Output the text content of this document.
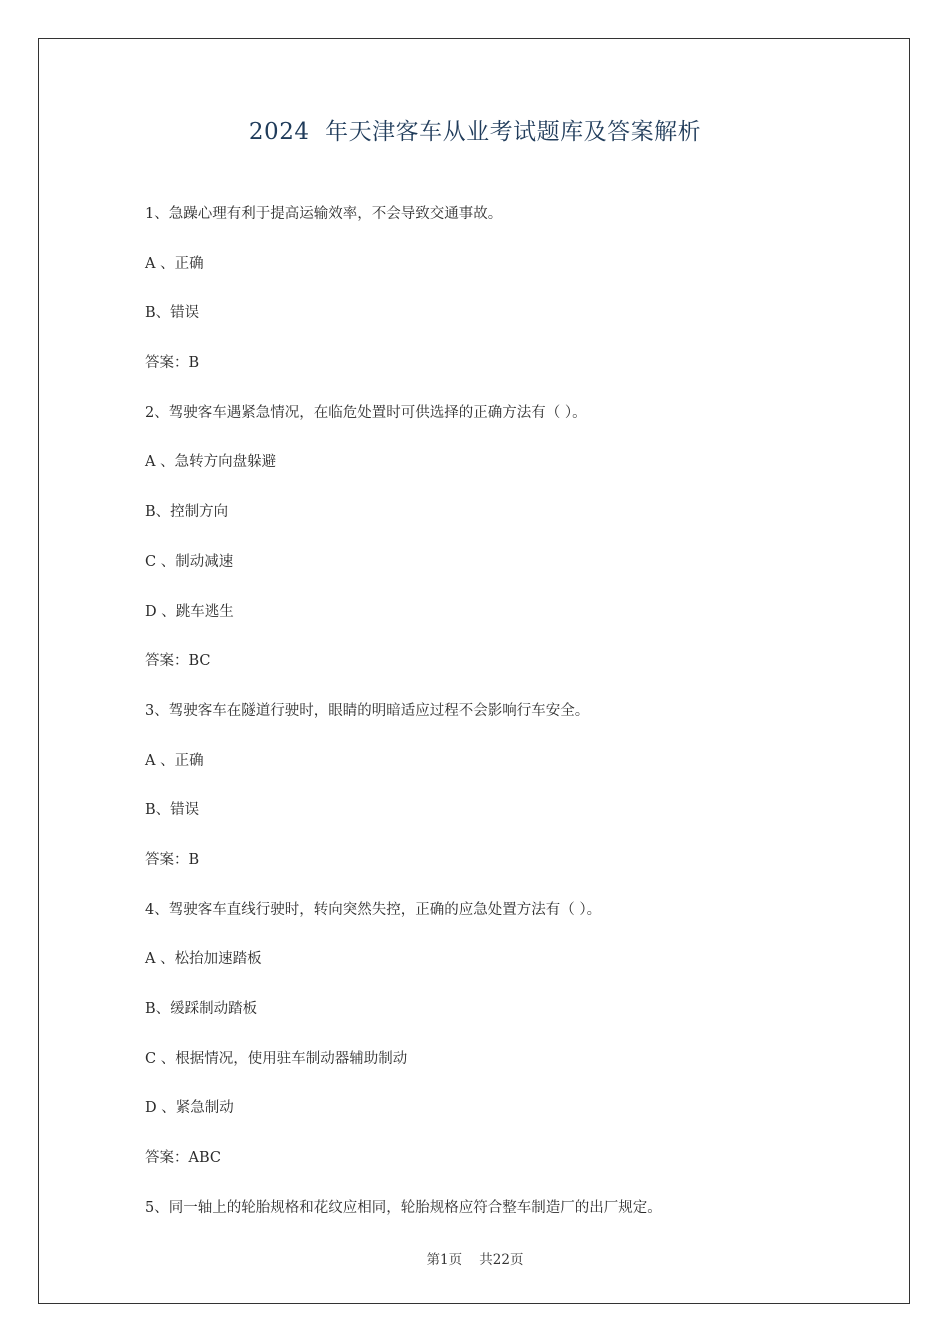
2024  年天津客车从业考试题库及答案解析
1、急躁心理有利于提高运输效率，不会导致交通事故。
A 、正确
B、错误
答案：B
2、驾驶客车遇紧急情况，在临危处置时可供选择的正确方法有（ ）。
A 、急转方向盘躲避
B、控制方向
C 、制动减速
D 、跳车逃生
答案：BC
3、驾驶客车在隧道行驶时，眼睛的明暗适应过程不会影响行车安全。
A 、正确
B、错误
答案：B
4、驾驶客车直线行驶时，转向突然失控，正确的应急处置方法有（ ）。
A 、松抬加速踏板
B、缓踩制动踏板
C 、根据情况，使用驻车制动器辅助制动
D 、紧急制动
答案：ABC
5、同一轴上的轮胎规格和花纹应相同，轮胎规格应符合整车制造厂的出厂规定。
第1页    共22页
